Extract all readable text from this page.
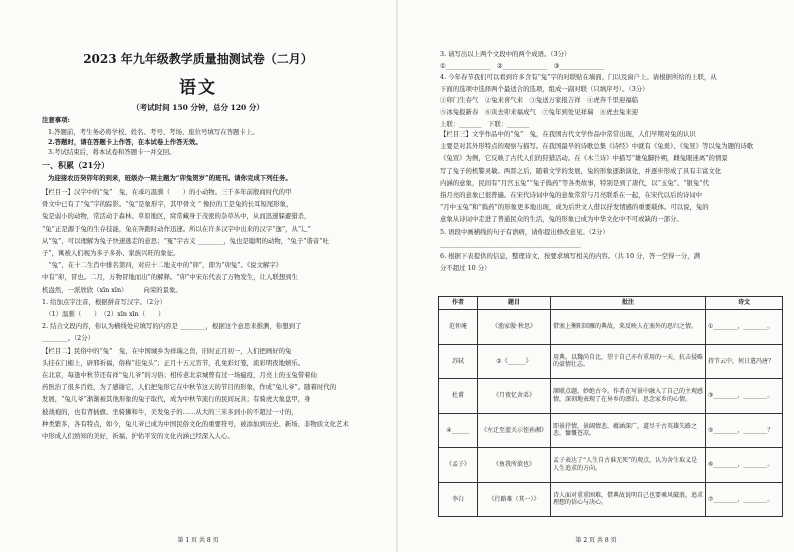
2023 年九年级教学质量抽测试卷（二月）
语文
（考试时间 150 分钟，总分 120 分）
注意事项:
1.答题前，考生务必将学校、姓名、考号、考场、座位号填写在答题卡上。
2.答题时，请在答题卡上作答，在本试卷上作答无效。
3.考试结束后，将本试卷和答题卡一并交回。
一、积累（21分）
为迎接农历癸卯年的到来，班级办一期主题为“卯兔贺岁”的班刊。请你完成下列任务。
【栏目一】汉字中的“兔”　兔，在乖巧温驯（　　）的小动物。三千多年前殷商时代的甲
骨文中已有了“兔”字的踪影。“兔”是象形字，其甲骨文 “ 像拉的工是兔的长耳短尾形象，
兔是弱小的动物，常活动于森林、草原地区，窝常藏身于茂密的杂草丛中，从而迅速躲避猎杀，
“兔”正是源于兔的生存技能，兔在奔跑时动作迅速。所以在许多汉字中出来的汉字“逸”，从“辶”
从“兔”，可以理解为兔子快速逃走的意思；“冤”字古义 ________，兔也是聪明的动物，“兔子”谐音“吐
子”，寓被人们视为多子多孙、家族兴旺的象征。
　“兔”，在十二生肖中排名第四，对应十二地支中的“卯”，即为“卯兔”。《说文解字》
中有“卯，冒也。二月，万物冒地而出”的解释。“卯”中宋东代表了万物发生，让人联想到生
机盎然，一派欣欣（xīn xīn）　　　向荣的景象。
1. 给加点字注音，根据拼音写汉字。（2分）
　（1）温驯（　　）　（2）xīn xīn（　　）
2. 结合文段内容，你认为横线处应填写的内容是 ________，根据这个意思来推测，你想到了
________。（2分）
【栏目二】民俗中的“兔”　兔，在中国城乡为祥瑞之兽，旧时正月初一，人们把画好的兔
头挂在门楣上，辟邪祈福，俗称“挂兔头”；正月十五元宵节，孔免彩灯笼，流彩明夜地嬉乐。
在北京，每逢中秋节还有祥“兔儿爷”的习俗；相传老北京城曾有过一场瘟疫，月亮上的玉兔带着仙
药医治了很多百姓，为了感谢它，人们把兔形它在中秋节这天的节目的形象，作成“兔儿爷”。随着时代的
发展，“兔儿爷”渐渐被其他形象的兔子取代，成为中秋节流行的民间玩具；有骑虎大象盘甲，身
披战袍的，也有背插旗、坐骑狮和牛，美发兔子的……从大的三米多到小的不超过一寸的，
种类繁多，各有特点，如今，兔儿爷已成为中国民俗文化的重要符号，被添加到历史、新场、非物质文化艺术
中形成人们熟知的美好，祈福、护佑平安的文化内涵已经深入人心。
第 1 页 共 8 页
3. 请写出以上两个文段中的两个成语。（3分）
①______________　②______________　③______________
4. 今年春节我们可以看到许多含有“兔”字的对联贴在墙面、门以及窗户上。请根据所给的上联，从
下面的选项中选择两个最适合的选项，组成一副对联（只填序号）。（3分）
①卯门生春气　②兔来喜气来　③兔送万家报吉祥　④虎奔千里迎福临
⑤冰兔报新春　⑥寅去卯来福成气　⑦兔年到处见祥瑞　⑧虎去兔来迎
上联：_______　下联：_______
【栏目三】文学作品中的“兔”　兔，在我国古代文学作品中常常出现，人们早期对兔的认识
主要是对其外形特点的观察与描写。在我国最早的诗歌总集《诗经》中就有《兔爰》、《兔罝》等以兔为题的诗歌
《兔罝》为例，它反映了古代人们的狩猎活动。在《木兰诗》中描写“雄兔脚扑朔，雌兔眼迷离”的情景
写了兔子的机警灵敏。两晋之后，随着文学的发展，兔的形象逐渐演化，并逐步形成了具有丰富文化
内涵的意象，民间有“月宫玉兔”“兔子捣药”等各类故事，特别是到了唐代，以“玉兔”、“银兔”代
指月亮的意象已很普遍。在宋代诗词中兔的意象常常与月亮联系在一起，在宋代以后的诗词中
“月中玉兔”和“捣药”的形象更多地出现，成为后世文人借以抒发情感的重要载体。可以说，兔的
意象从诗词中走进了普通民众的生活，兔的形象已成为中华文化中不可或缺的一部分。
5. 语段中画横线的句子有语病，请你提出修改意见。（2分）
____________________________________________
6. 根据下表提供的信息，整理诗文，按要求填写相关的内容。（共 10 分，答一空得一分，满
分不超过 10 分）
作者	题目	批注	诗文
范仲淹	《渔家傲·秋思》	借塞上衡阳回雁的典故，来反映人在塞外的思归之情。	①________，________。
苏轼	②《______》	用典。以魏尚自比，望于自己亦有重用的一天，抗击侵略的豪情壮志。	持节云中，何日遣冯唐？
杜甫	《月夜忆舍弟》	颔联点题，妙绝古今。作者在写景中融入了自己的主观感情，深刻地表现了在异乡的漂泊、思念家乡的心情。	③________，________。
④______	《左迁至蓝关示侄孙湘》	即景抒情，景阔情悲，蕴涵深广，道尽千古英雄失路之悲，慷慨苍凉。	⑤________，________？
《孟子》	《鱼我所欲也》	孟子表达了“人生自古谁无死”的观点，认为舍生取义是人生追求的方向。	⑥________，________。
李白	《行路难（其一）》	诗人面对重重困难，借典故说明自己也要乘风破浪，追求理想的信心与决心。	⑦________，________。
第 2 页 共 8 页
